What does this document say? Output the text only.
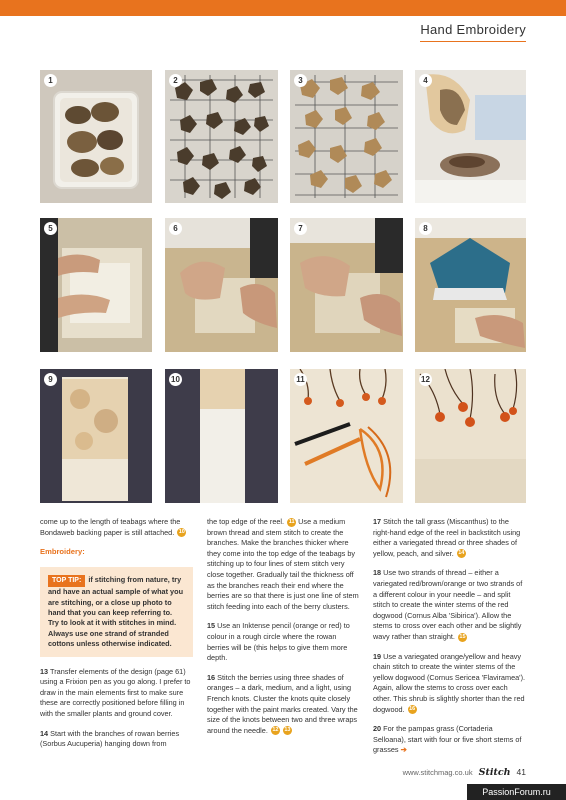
Hand Embroidery
1	2	3	4
5	6	7	8
9	10	11	12

come up to the length of teabags where the Bondaweb backing paper is still attached. 10

Embroidery:
TOP TIP: if stitching from nature, try and have an actual sample of what you are stitching, or a close up photo to hand that you can keep referring to. Try to look at it with stitches in mind. Always use one strand of stranded cottons unless otherwise indicated.

13 Transfer elements of the design (page 61) using a Frixion pen as you go along. I prefer to draw in the main elements first to make sure these are correctly positioned before filling in with the smaller plants and ground cover.

14 Start with the branches of rowan berries (Sorbus Aucuperia) hanging down from

the top edge of the reel. 11 Use a medium brown thread and stem stitch to create the branches. Make the branches thicker where they come into the top edge of the teabags by stitching up to four lines of stem stitch very close together. Gradually tail the thickness off as the branches reach their end where the berries are so that there is just one line of stem stitch feeding into each of the berry clusters.

15 Use an Inktense pencil (orange or red) to colour in a rough circle where the rowan berries will be (this helps to give them more depth.

16 Stitch the berries using three shades of oranges – a dark, medium, and a light, using French knots. Cluster the knots quite closely together with the paint marks created. Vary the size of the knots between two and three wraps around the needle. 12 13

17 Stitch the tall grass (Miscanthus) to the right-hand edge of the reel in backstitch using either a variegated thread or three shades of yellow, peach, and silver. 14

18 Use two strands of thread – either a variegated red/brown/orange or two strands of a different colour in your needle – and split stitch to create the winter stems of the red dogwood (Cornus Alba 'Sibirica'). Allow the stems to cross over each other and be slightly wavy rather than straight. 15

19 Use a variegated orange/yellow and heavy chain stitch to create the winter stems of the yellow dogwood (Cornus Sericea 'Flaviramea'). Again, allow the stems to cross over each other. This shrub is slightly shorter than the red dogwood. 16

20 For the pampas grass (Cortaderia Selloana), start with four or five short stems of grasses ➔

www.stitchmag.co.uk Stitch 41
PassionForum.ru
